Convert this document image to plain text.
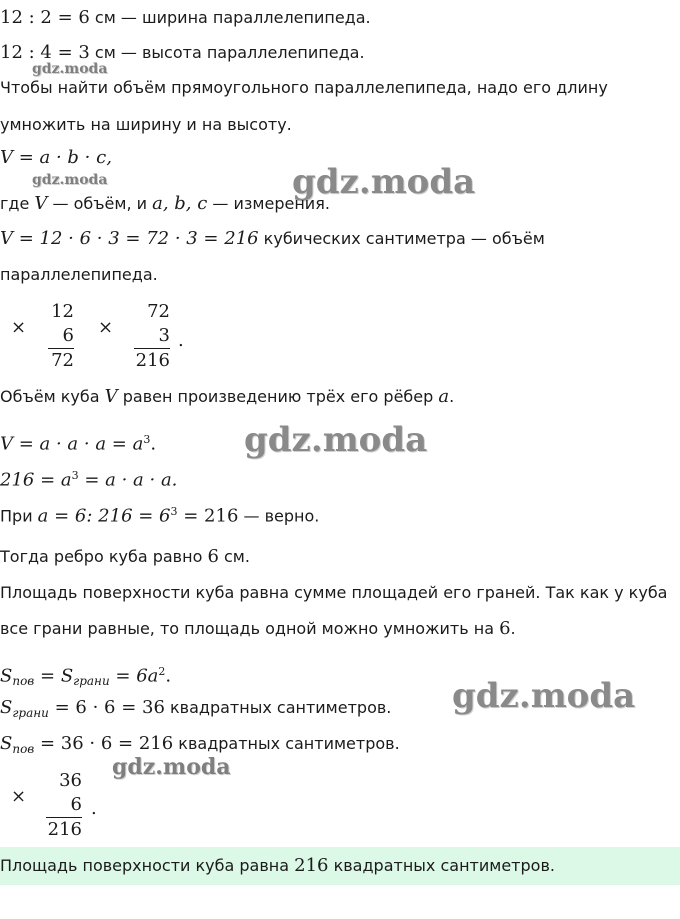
12 : 2 = 6 см — ширина параллелепипеда.
12 : 4 = 3 см — высота параллелепипеда.
gdz.moda
Чтобы найти объём прямоугольного параллелепипеда, надо его длину
умножить на ширину и на высоту.
V = a · b · c,
gdz.moda	gdz.moda
где V — объём, и a, b, c — измерения.
V = 12 · 6 · 3 = 72 · 3 = 216 кубических сантиметра — объём
параллелепипеда.
×
12
6
72
×
72
3
216
.
Объём куба V равен произведению трёх его рёбер a.
$V = a \cdot a \cdot a = a^3$.	gdz.moda
$216 = a^3 = a \cdot a \cdot a$.
При a = 6: $216 = 6^3 = 216$ — верно.
Тогда ребро куба равно 6 см.
Площадь поверхности куба равна сумме площадей его граней. Так как у куба
все грани равные, то площадь одной можно умножить на 6.
$S_{пов} = S_{грани} = 6a^2$.
gdz.moda
$S_{грани} = 6 \cdot 6 = 36$ квадратных сантиметров.
$S_{пов} = 36 \cdot 6 = 216$ квадратных сантиметров.
gdz.moda
×
36
6
216
.
Площадь поверхности куба равна 216 квадратных сантиметров.
